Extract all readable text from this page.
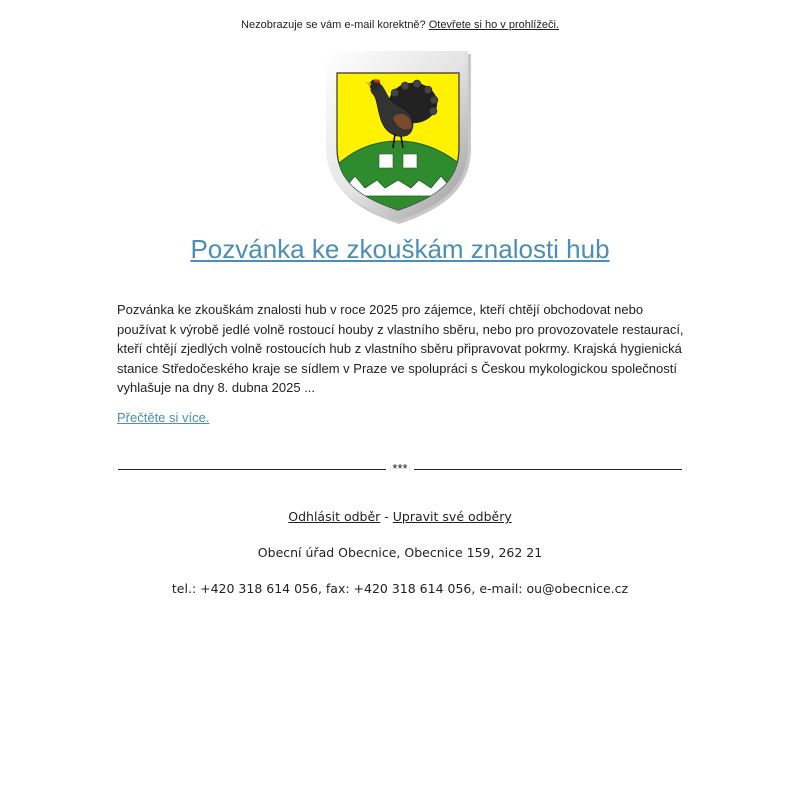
Nezobrazuje se vám e-mail korektně? Otevřete si ho v prohlížeči.
Pozvánka ke zkouškám znalosti hub

Pozvánka ke zkouškám znalosti hub v roce 2025 pro zájemce, kteří chtějí obchodovat nebo používat k výrobě jedlé volně rostoucí houby z vlastního sběru, nebo pro provozovatele restaurací, kteří chtějí zjedlých volně rostoucích hub z vlastního sběru připravovat pokrmy. Krajská hygienická stanice Středočeského kraje se sídlem v Praze ve spolupráci s Českou mykologickou společností vyhlašuje na dny 8. dubna 2025 ...

Přečtěte si více.
***
Odhlásit odběr - Upravit své odběry
Obecní úřad Obecnice, Obecnice 159, 262 21
tel.: +420 318 614 056, fax: +420 318 614 056, e-mail: ou@obecnice.cz
